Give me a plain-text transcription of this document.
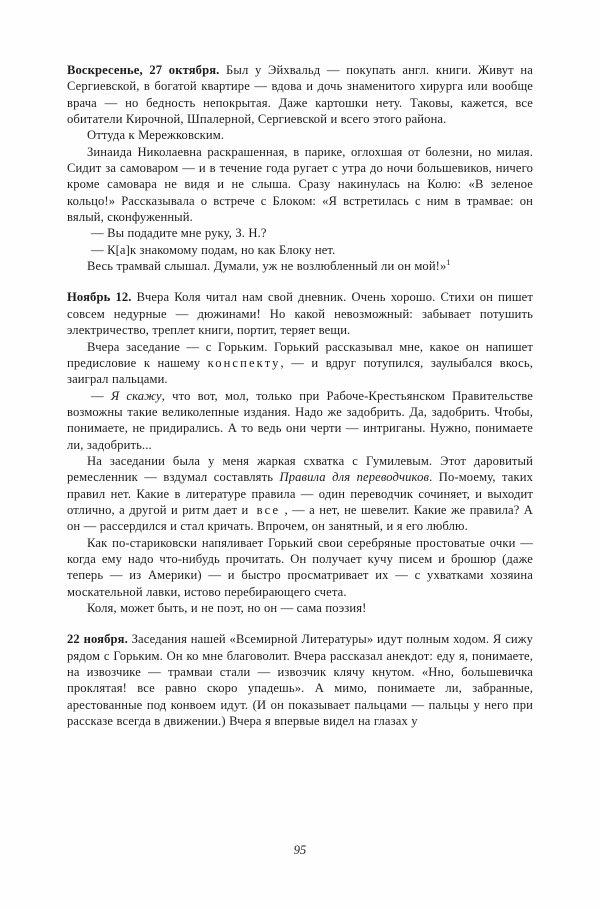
Воскресенье, 27 октября. Был у Эйхвальд — покупать англ. книги. Живут на Сергиевской, в богатой квартире — вдова и дочь знаменитого хирурга или вообще врача — но бедность непокрытая. Даже картошки нету. Таковы, кажется, все обитатели Кирочной, Шпалерной, Сергиевской и всего этого района.

Оттуда к Мережковским.

Зинаида Николаевна раскрашенная, в парике, оглохшая от болезни, но милая. Сидит за самоваром — и в течение года ругает с утра до ночи большевиков, ничего кроме самовара не видя и не слыша. Сразу накинулась на Колю: «В зеленое кольцо!» Рассказывала о встрече с Блоком: «Я встретилась с ним в трамвае: он вялый, сконфуженный.

— Вы подадите мне руку, З. Н.?

— К[а]к знакомому подам, но как Блоку нет.

Весь трамвай слышал. Думали, уж не возлюбленный ли он мой!»$^1$

Ноябрь 12. Вчера Коля читал нам свой дневник. Очень хорошо. Стихи он пишет совсем недурные — дюжинами! Но какой невозможный: забывает потушить электричество, треплет книги, портит, теряет вещи.

Вчера заседание — с Горьким. Горький рассказывал мне, какое он напишет предисловие к нашему конспекту, — и вдруг потупился, заулыбался вкось, заиграл пальцами.

— Я скажу, что вот, мол, только при Рабоче-Крестьянском Правительстве возможны такие великолепные издания. Надо же задобрить. Да, задобрить. Чтобы, понимаете, не придирались. А то ведь они черти — интриганы. Нужно, понимаете ли, задобрить...

На заседании была у меня жаркая схватка с Гумилевым. Этот даровитый ремесленник — вздумал составлять Правила для переводчиков. По-моему, таких правил нет. Какие в литературе правила — один переводчик сочиняет, и выходит отлично, а другой и ритм дает и все , — а нет, не шевелит. Какие же правила? А он — рассердился и стал кричать. Впрочем, он занятный, и я его люблю.

Как по-стариковски напяливает Горький свои серебряные простоватые очки — когда ему надо что-нибудь прочитать. Он получает кучу писем и брошюр (даже теперь — из Америки) — и быстро просматривает их — с ухватками хозяина москательной лавки, истово перебирающего счета.

Коля, может быть, и не поэт, но он — сама поэзия!

22 ноября. Заседания нашей «Всемирной Литературы» идут полным ходом. Я сижу рядом с Горьким. Он ко мне благоволит. Вчера рассказал анекдот: еду я, понимаете, на извозчике — трамваи стали — извозчик клячу кнутом. «Нно, большевичка проклятая! все равно скоро упадешь». А мимо, понимаете ли, забранные, арестованные под конвоем идут. (И он показывает пальцами — пальцы у него при рассказе всегда в движении.) Вчера я впервые видел на глазах у

95
